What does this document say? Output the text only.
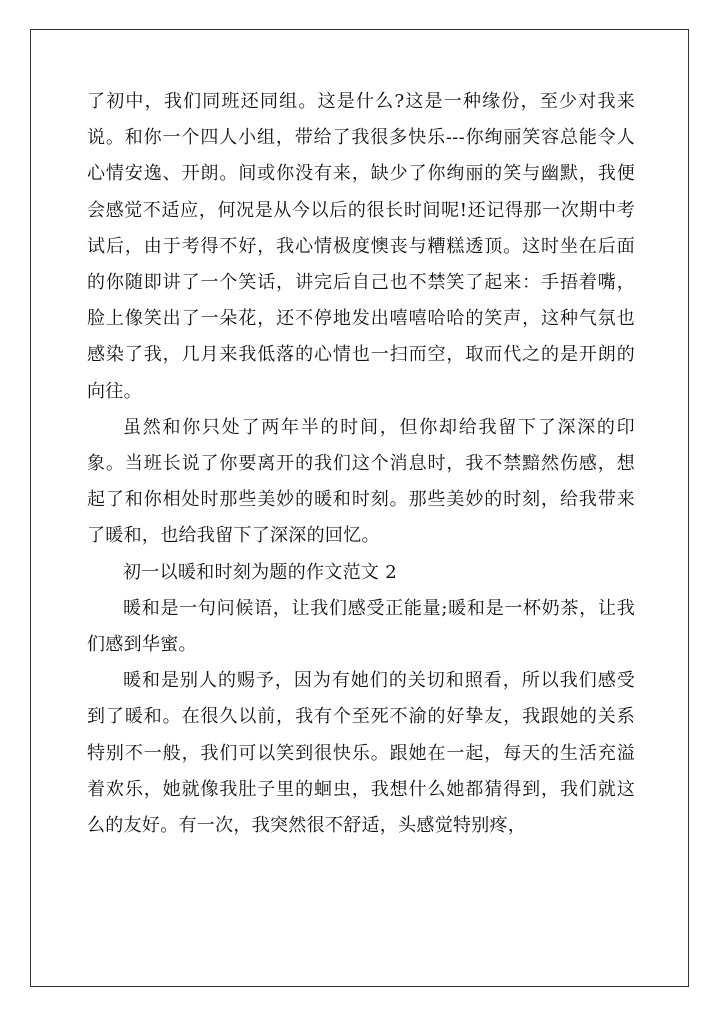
了初中，我们同班还同组。这是什么?这是一种缘份，至少对我来说。和你一个四人小组，带给了我很多快乐---你绚丽笑容总能令人心情安逸、开朗。间或你没有来，缺少了你绚丽的笑与幽默，我便会感觉不适应，何况是从今以后的很长时间呢!还记得那一次期中考试后，由于考得不好，我心情极度懊丧与糟糕透顶。这时坐在后面的你随即讲了一个笑话，讲完后自己也不禁笑了起来：手捂着嘴，脸上像笑出了一朵花，还不停地发出嘻嘻哈哈的笑声，这种气氛也感染了我，几月来我低落的心情也一扫而空，取而代之的是开朗的向往。

虽然和你只处了两年半的时间，但你却给我留下了深深的印象。当班长说了你要离开的我们这个消息时，我不禁黯然伤感，想起了和你相处时那些美妙的暖和时刻。那些美妙的时刻，给我带来了暖和，也给我留下了深深的回忆。

初一以暖和时刻为题的作文范文 2

暖和是一句问候语，让我们感受正能量;暖和是一杯奶茶，让我们感到华蜜。

暖和是别人的赐予，因为有她们的关切和照看，所以我们感受到了暖和。在很久以前，我有个至死不渝的好挚友，我跟她的关系特别不一般，我们可以笑到很快乐。跟她在一起，每天的生活充溢着欢乐，她就像我肚子里的蛔虫，我想什么她都猜得到，我们就这么的友好。有一次，我突然很不舒适，头感觉特别疼，
